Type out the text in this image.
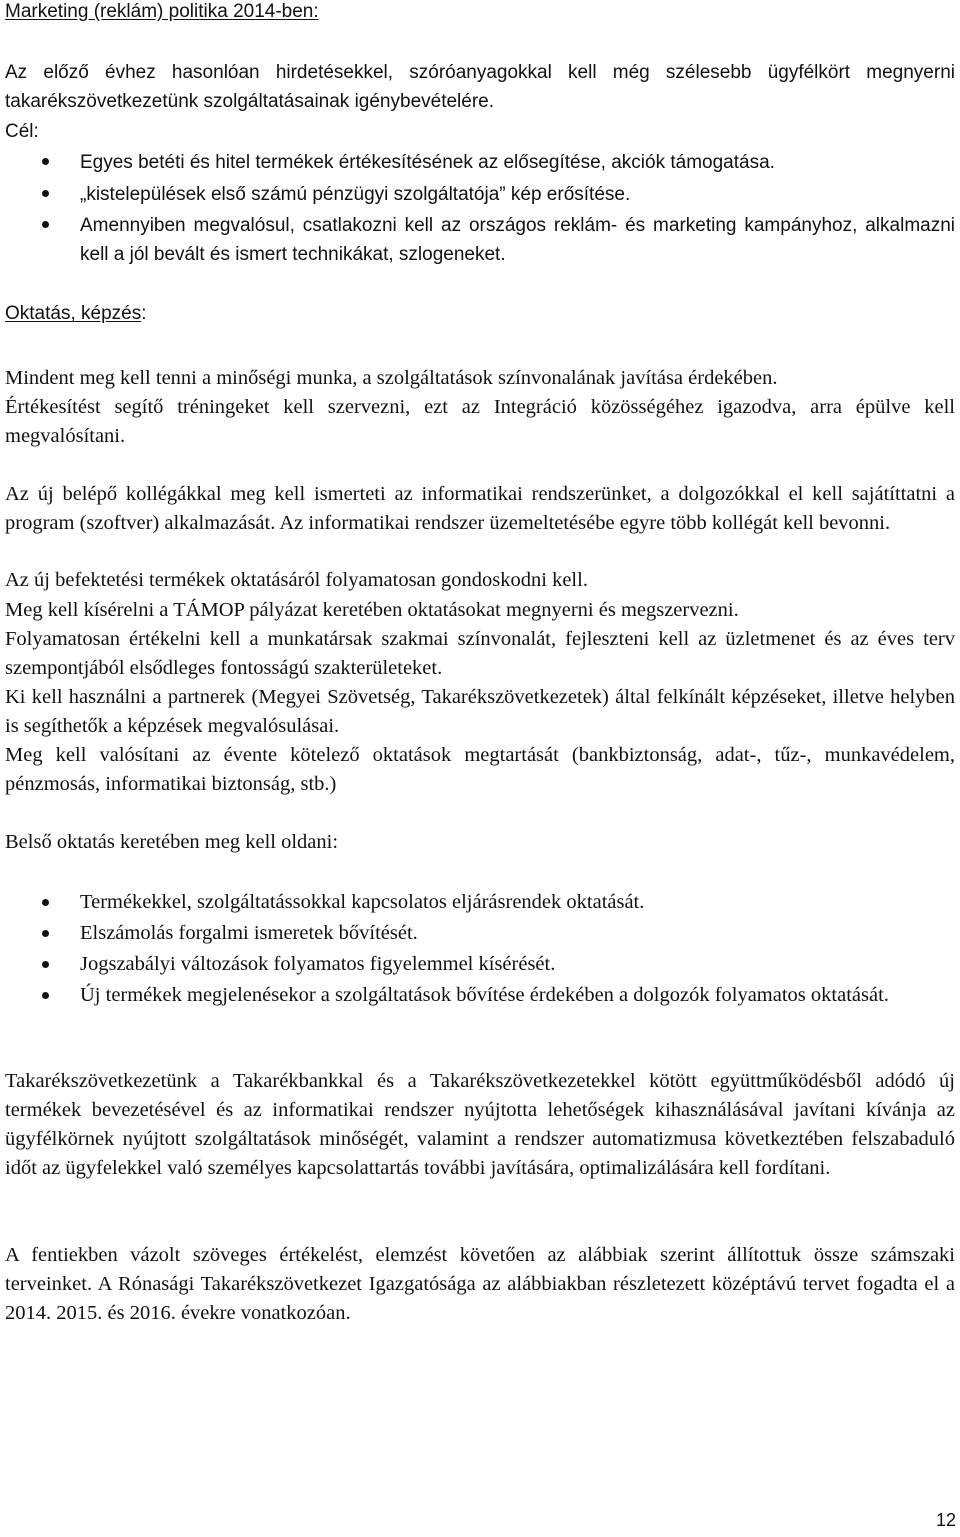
Marketing (reklám) politika 2014-ben:

Az előző évhez hasonlóan hirdetésekkel, szóróanyagokkal kell még szélesebb ügyfélkört megnyerni takarékszövetkezetünk szolgáltatásainak igénybevételére.

Cél:

Egyes betéti és hitel termékek értékesítésének az elősegítése, akciók támogatása.

„kistelepülések első számú pénzügyi szolgáltatója” kép erősítése.

Amennyiben megvalósul, csatlakozni kell az országos reklám- és marketing kampányhoz, alkalmazni kell a jól bevált és ismert technikákat, szlogeneket.

Oktatás, képzés:

Mindent meg kell tenni a minőségi munka, a szolgáltatások színvonalának javítása érdekében.

Értékesítést segítő tréningeket kell szervezni, ezt az Integráció közösségéhez igazodva, arra épülve kell megvalósítani.

Az új belépő kollégákkal meg kell ismerteti az informatikai rendszerünket, a dolgozókkal el kell sajátíttatni a program (szoftver) alkalmazását. Az informatikai rendszer üzemeltetésébe egyre több kollégát kell bevonni.

Az új befektetési termékek oktatásáról folyamatosan gondoskodni kell.

Meg kell kísérelni a TÁMOP pályázat keretében oktatásokat megnyerni és megszervezni.

Folyamatosan értékelni kell a munkatársak szakmai színvonalát, fejleszteni kell az üzletmenet és az éves terv szempontjából elsődleges fontosságú szakterületeket.

Ki kell használni a partnerek (Megyei Szövetség, Takarékszövetkezetek) által felkínált képzéseket, illetve helyben is segíthetők a képzések megvalósulásai.

Meg kell valósítani az évente kötelező oktatások megtartását (bankbiztonság, adat-, tűz-, munkavédelem, pénzmosás, informatikai biztonság, stb.)

Belső oktatás keretében meg kell oldani:

Termékekkel, szolgáltatássokkal kapcsolatos eljárásrendek oktatását.

Elszámolás forgalmi ismeretek bővítését.

Jogszabályi változások folyamatos figyelemmel kísérését.

Új termékek megjelenésekor a szolgáltatások bővítése érdekében a dolgozók folyamatos oktatását.

Takarékszövetkezetünk a Takarékbankkal és a Takarékszövetkezetekkel kötött együttműködésből adódó új termékek bevezetésével és az informatikai rendszer nyújtotta lehetőségek kihasználásával javítani kívánja az ügyfélkörnek nyújtott szolgáltatások minőségét, valamint a rendszer automatizmusa következtében felszabaduló időt az ügyfelekkel való személyes kapcsolattartás további javítására, optimalizálására kell fordítani.

A fentiekben vázolt szöveges értékelést, elemzést követően az alábbiak szerint állítottuk össze számszaki terveinket. A Rónasági Takarékszövetkezet Igazgatósága az alábbiakban részletezett középtávú tervet fogadta el a 2014. 2015. és 2016. évekre vonatkozóan.

12
